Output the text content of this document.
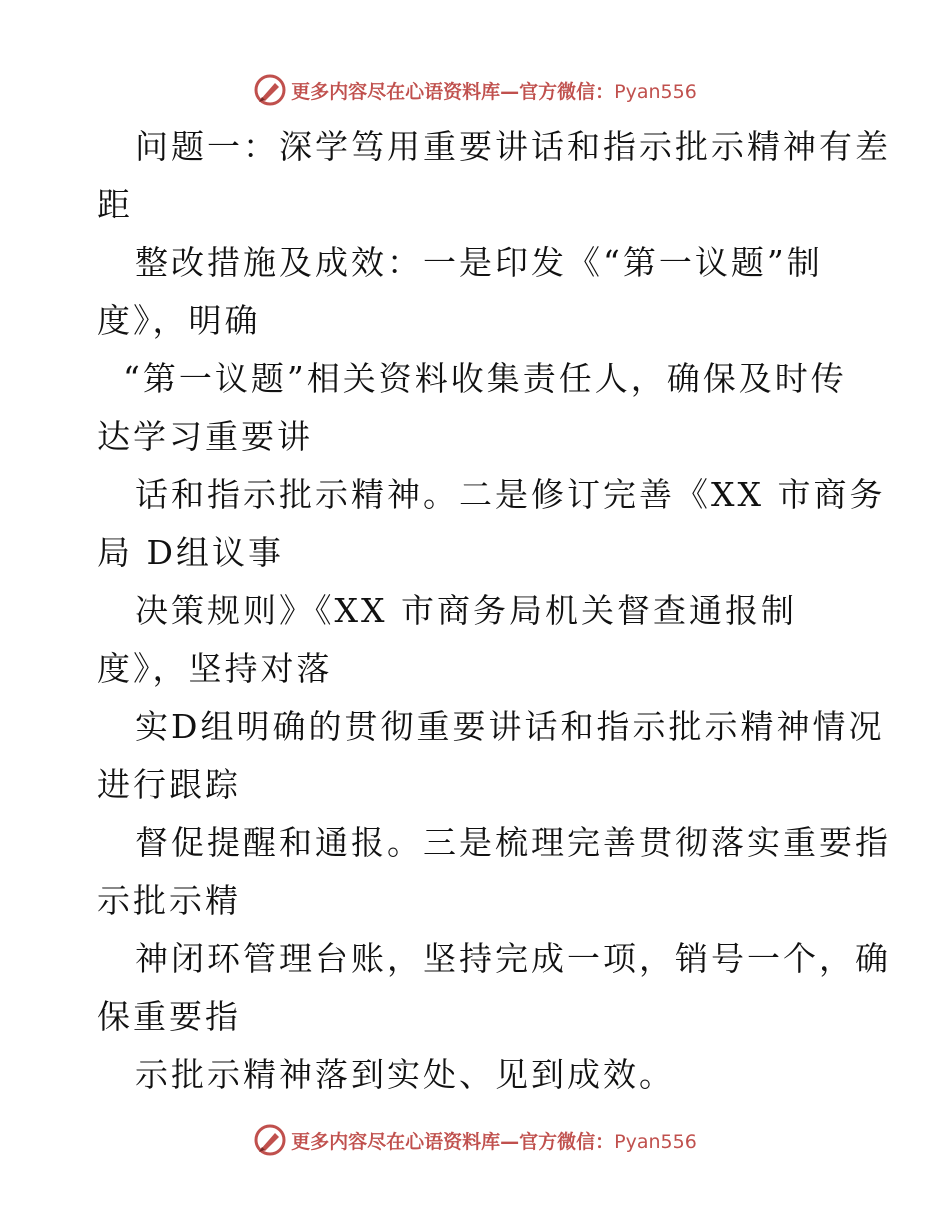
更多内容尽在心语资料库—官方微信：Pyan556
问题一：深学笃用重要讲话和指示批示精神有差
距
整改措施及成效：一是印发《“第一议题”制
度》，明确
“第一议题”相关资料收集责任人，确保及时传
达学习重要讲
话和指示批示精神。二是修订完善《XX 市商务
局 D组议事
决策规则》《XX 市商务局机关督查通报制
度》，坚持对落
实D组明确的贯彻重要讲话和指示批示精神情况
进行跟踪
督促提醒和通报。三是梳理完善贯彻落实重要指
示批示精
神闭环管理台账，坚持完成一项，销号一个，确
保重要指
示批示精神落到实处、见到成效。
更多内容尽在心语资料库—官方微信：Pyan556
